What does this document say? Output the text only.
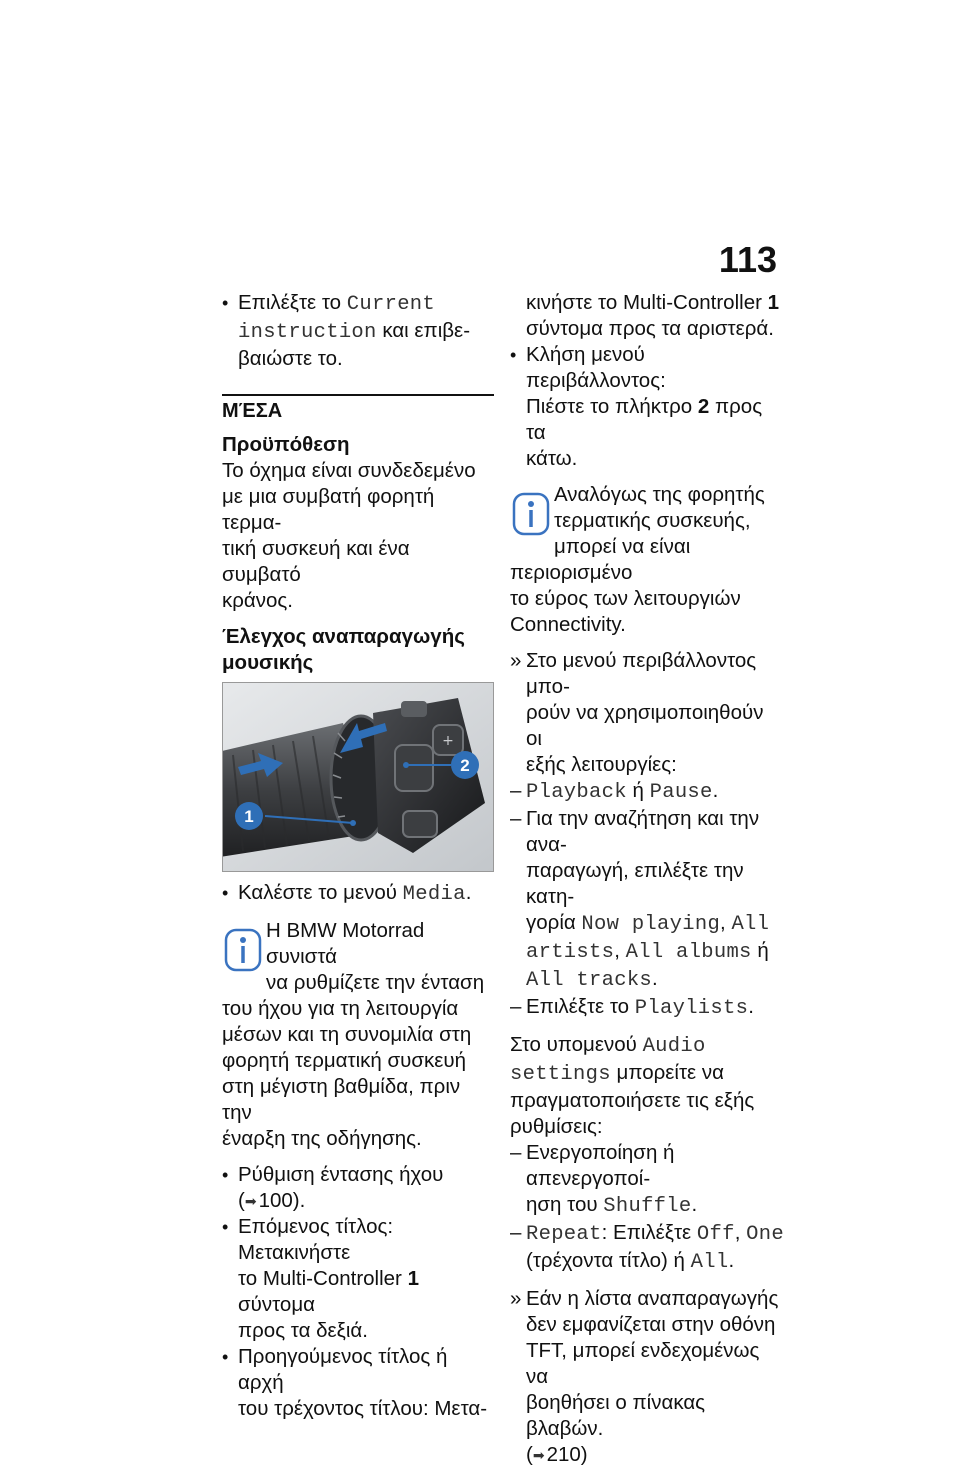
113
•

Επιλέξτε το Current

instruction και επιβε-

βαιώστε το.

ΜΈΣΑ
Προϋπόθεση

Το όχημα είναι συνδεδεμένο

με μια συμβατή φορητή τερμα-

τική συσκευή και ένα συμβατό

κράνος.

Έλεγχος αναπαραγωγής

μουσικής

+
1
2
•

Καλέστε το μενού Media.

Η BMW Motorrad συνιστά

να ρυθμίζετε την ένταση

του ήχου για τη λειτουργία

μέσων και τη συνομιλία στη

φορητή τερματική συσκευή

στη μέγιστη βαθμίδα, πριν την

έναρξη της οδήγησης.

•

Ρύθμιση έντασης ήχου

(➡100).

•

Επόμενος τίτλος: Μετακινήστε

το Multi-Controller 1 σύντομα

προς τα δεξιά.

•

Προηγούμενος τίτλος ή αρχή

του τρέχοντος τίτλου: Μετα-

κινήστε το Multi-Controller 1

σύντομα προς τα αριστερά.

•

Κλήση μενού περιβάλλοντος:

Πιέστε το πλήκτρο 2 προς τα

κάτω.

Αναλόγως της φορητής

τερματικής συσκευής,

μπορεί να είναι περιορισμένο

το εύρος των λειτουργιών

Connectivity.

» Στο μενού περιβάλλοντος μπο-

ρούν να χρησιμοποιηθούν οι

εξής λειτουργίες:

– Playback ή Pause.

– Για την αναζήτηση και την ανα-

παραγωγή, επιλέξτε την κατη-

γορία Now playing, All

artists, All albums ή

All tracks.

– Επιλέξτε το Playlists.

Στο υπομενού Audio

settings μπορείτε να

πραγματοποιήσετε τις εξής

ρυθμίσεις:

– Ενεργοποίηση ή απενεργοποί-

ηση του Shuffle.

– Repeat: Επιλέξτε Off, One

(τρέχοντα τίτλο) ή All.

» Εάν η λίστα αναπαραγωγής

δεν εμφανίζεται στην οθόνη

TFT, μπορεί ενδεχομένως να

βοηθήσει ο πίνακας βλαβών.

(➡210)
